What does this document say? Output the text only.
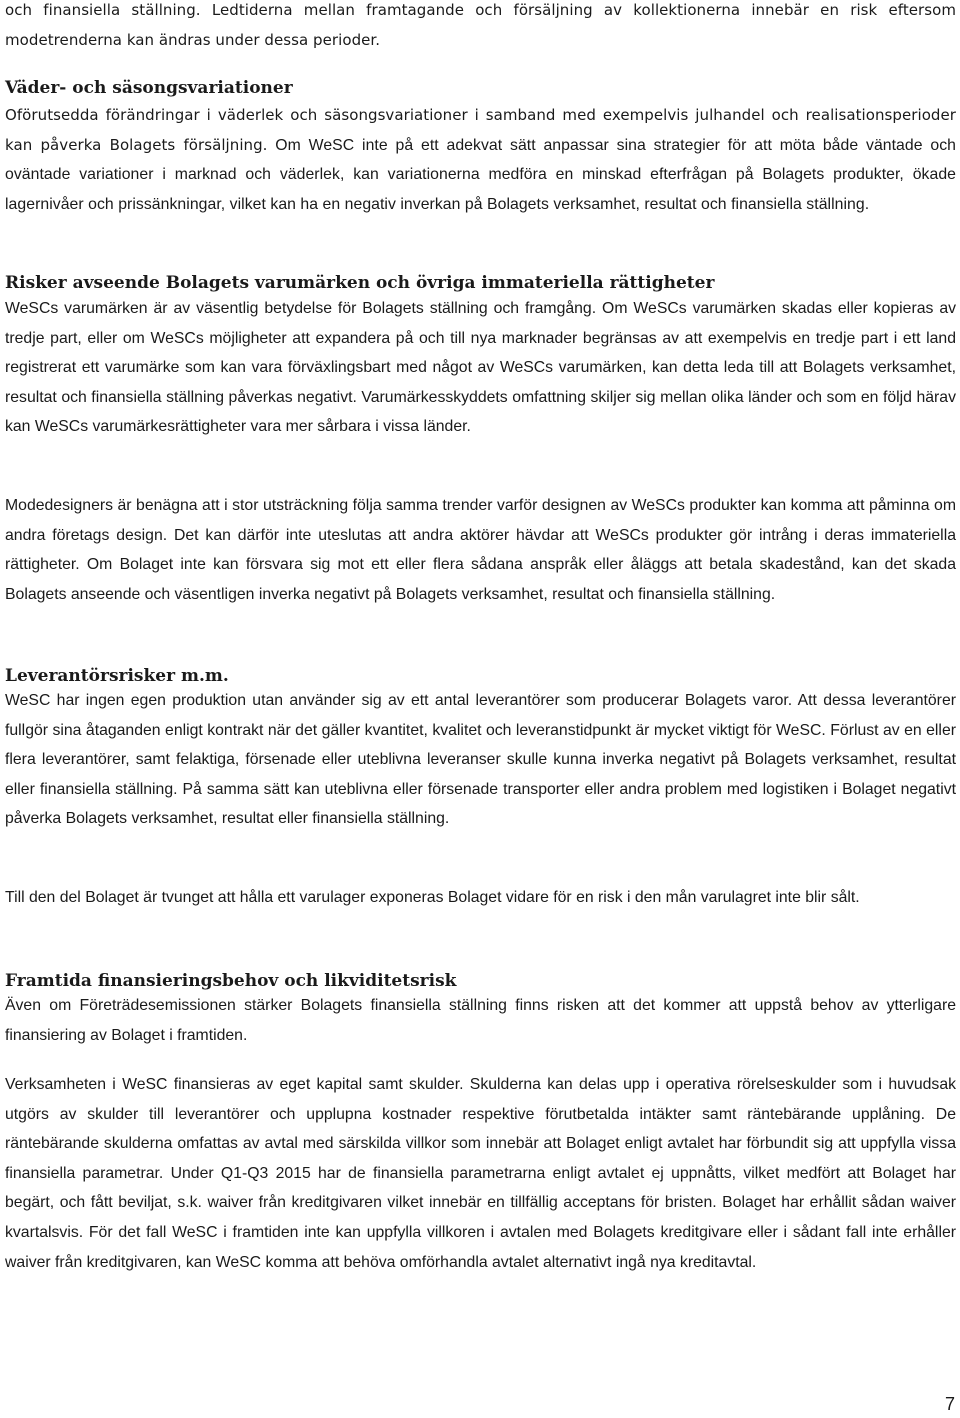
och finansiella ställning. Ledtiderna mellan framtagande och försäljning av kollektionerna innebär en risk eftersom modetrenderna kan ändras under dessa perioder.

Väder- och säsongsvariationer

Oförutsedda förändringar i väderlek och säsongsvariationer i samband med exempelvis julhandel och realisationsperioder kan påverka Bolagets försäljning. Om WeSC inte på ett adekvat sätt anpassar sina strategier för att möta både väntade och oväntade variationer i marknad och väderlek, kan variationerna medföra en minskad efterfrågan på Bolagets produkter, ökade lagernivåer och prissänkningar, vilket kan ha en negativ inverkan på Bolagets verksamhet, resultat och finansiella ställning.

Risker avseende Bolagets varumärken och övriga immateriella rättigheter

WeSCs varumärken är av väsentlig betydelse för Bolagets ställning och framgång. Om WeSCs varumärken skadas eller kopieras av tredje part, eller om WeSCs möjligheter att expandera på och till nya marknader begränsas av att exempelvis en tredje part i ett land registrerat ett varumärke som kan vara förväxlingsbart med något av WeSCs varumärken, kan detta leda till att Bolagets verksamhet, resultat och finansiella ställning påverkas negativt. Varumärkesskyddets omfattning skiljer sig mellan olika länder och som en följd härav kan WeSCs varumärkesrättigheter vara mer sårbara i vissa länder.

Modedesigners är benägna att i stor utsträckning följa samma trender varför designen av WeSCs produkter kan komma att påminna om andra företags design. Det kan därför inte uteslutas att andra aktörer hävdar att WeSCs produkter gör intrång i deras immateriella rättigheter. Om Bolaget inte kan försvara sig mot ett eller flera sådana anspråk eller åläggs att betala skadestånd, kan det skada Bolagets anseende och väsentligen inverka negativt på Bolagets verksamhet, resultat och finansiella ställning.

Leverantörsrisker m.m.

WeSC har ingen egen produktion utan använder sig av ett antal leverantörer som producerar Bolagets varor. Att dessa leverantörer fullgör sina åtaganden enligt kontrakt när det gäller kvantitet, kvalitet och leveranstidpunkt är mycket viktigt för WeSC. Förlust av en eller flera leverantörer, samt felaktiga, försenade eller uteblivna leveranser skulle kunna inverka negativt på Bolagets verksamhet, resultat eller finansiella ställning. På samma sätt kan uteblivna eller försenade transporter eller andra problem med logistiken i Bolaget negativt påverka Bolagets verksamhet, resultat eller finansiella ställning.

Till den del Bolaget är tvunget att hålla ett varulager exponeras Bolaget vidare för en risk i den mån varulagret inte blir sålt.

Framtida finansieringsbehov och likviditetsrisk

Även om Företrädesemissionen stärker Bolagets finansiella ställning finns risken att det kommer att uppstå behov av ytterligare finansiering av Bolaget i framtiden.

Verksamheten i WeSC finansieras av eget kapital samt skulder. Skulderna kan delas upp i operativa rörelseskulder som i huvudsak utgörs av skulder till leverantörer och upplupna kostnader respektive förutbetalda intäkter samt räntebärande upplåning. De räntebärande skulderna omfattas av avtal med särskilda villkor som innebär att Bolaget enligt avtalet har förbundit sig att uppfylla vissa finansiella parametrar. Under Q1-Q3 2015 har de finansiella parametrarna enligt avtalet ej uppnåtts, vilket medfört att Bolaget har begärt, och fått beviljat, s.k. waiver från kreditgivaren vilket innebär en tillfällig acceptans för bristen. Bolaget har erhållit sådan waiver kvartalsvis. För det fall WeSC i framtiden inte kan uppfylla villkoren i avtalen med Bolagets kreditgivare eller i sådant fall inte erhåller waiver från kreditgivaren, kan WeSC komma att behöva omförhandla avtalet alternativt ingå nya kreditavtal.

7
